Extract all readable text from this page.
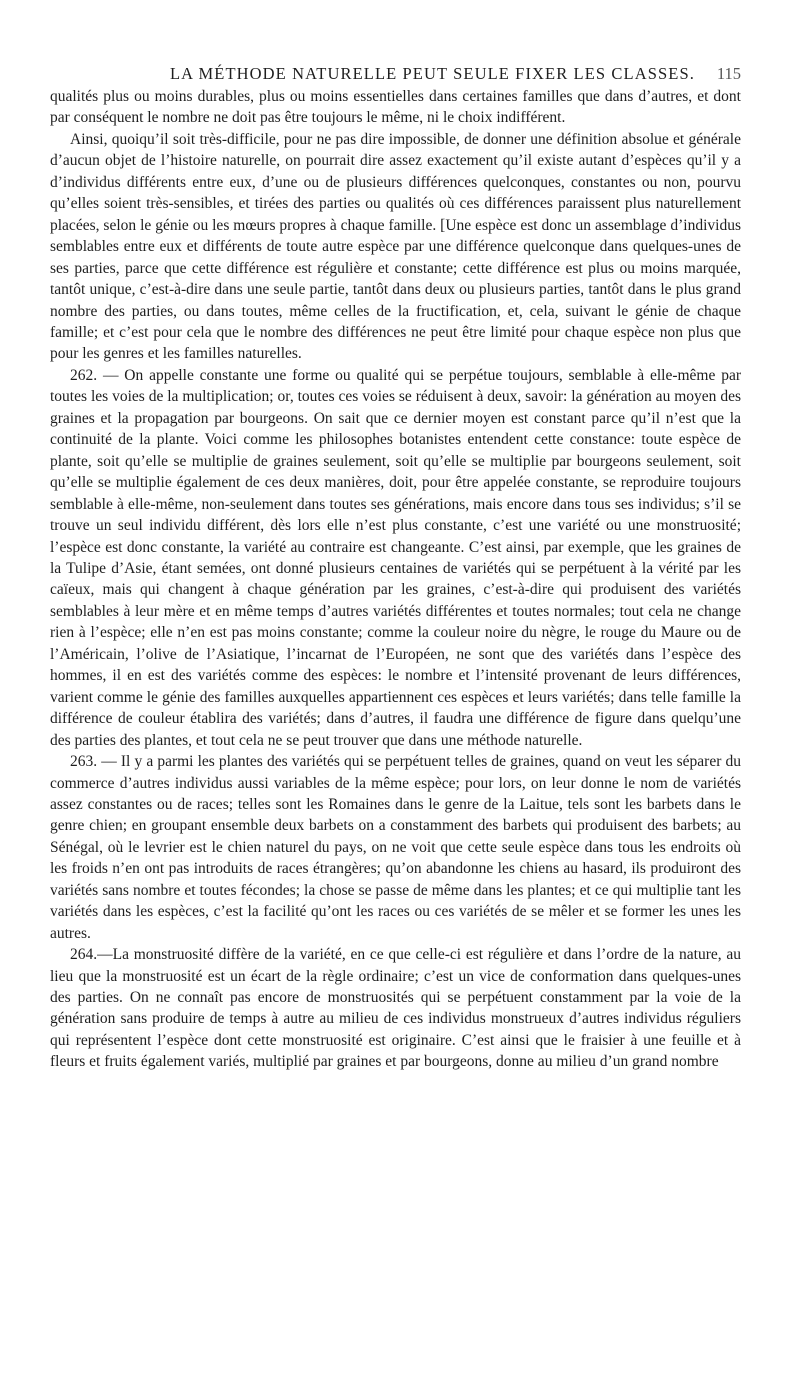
LA MÉTHODE NATURELLE PEUT SEULE FIXER LES CLASSES. 115

qualités plus ou moins durables, plus ou moins essentielles dans certaines familles que dans d’autres, et dont par conséquent le nombre ne doit pas être toujours le même, ni le choix indifférent.

Ainsi, quoiqu’il soit très-difficile, pour ne pas dire impossible, de donner une définition absolue et générale d’aucun objet de l’histoire naturelle, on pourrait dire assez exactement qu’il existe autant d’espèces qu’il y a d’individus différents entre eux, d’une ou de plusieurs différences quelconques, constantes ou non, pourvu qu’elles soient très-sensibles, et tirées des parties ou qualités où ces différences paraissent plus naturellement placées, selon le génie ou les mœurs propres à chaque famille. [Une espèce est donc un assemblage d’individus semblables entre eux et différents de toute autre espèce par une différence quelconque dans quelques-unes de ses parties, parce que cette différence est régulière et constante; cette différence est plus ou moins marquée, tantôt unique, c’est-à-dire dans une seule partie, tantôt dans deux ou plusieurs parties, tantôt dans le plus grand nombre des parties, ou dans toutes, même celles de la fructification, et, cela, suivant le génie de chaque famille; et c’est pour cela que le nombre des différences ne peut être limité pour chaque espèce non plus que pour les genres et les familles naturelles.

262. — On appelle constante une forme ou qualité qui se perpétue toujours, semblable à elle-même par toutes les voies de la multiplication; or, toutes ces voies se réduisent à deux, savoir: la génération au moyen des graines et la propagation par bourgeons. On sait que ce dernier moyen est constant parce qu’il n’est que la continuité de la plante. Voici comme les philosophes botanistes entendent cette constance: toute espèce de plante, soit qu’elle se multiplie de graines seulement, soit qu’elle se multiplie par bourgeons seulement, soit qu’elle se multiplie également de ces deux manières, doit, pour être appelée constante, se reproduire toujours semblable à elle-même, non-seulement dans toutes ses générations, mais encore dans tous ses individus; s’il se trouve un seul individu différent, dès lors elle n’est plus constante, c’est une variété ou une monstruosité; l’espèce est donc constante, la variété au contraire est changeante. C’est ainsi, par exemple, que les graines de la Tulipe d’Asie, étant semées, ont donné plusieurs centaines de variétés qui se perpétuent à la vérité par les caïeux, mais qui changent à chaque génération par les graines, c’est-à-dire qui produisent des variétés semblables à leur mère et en même temps d’autres variétés différentes et toutes normales; tout cela ne change rien à l’espèce; elle n’en est pas moins constante; comme la couleur noire du nègre, le rouge du Maure ou de l’Américain, l’olive de l’Asiatique, l’incarnat de l’Européen, ne sont que des variétés dans l’espèce des hommes, il en est des variétés comme des espèces: le nombre et l’intensité provenant de leurs différences, varient comme le génie des familles auxquelles appartiennent ces espèces et leurs variétés; dans telle famille la différence de couleur établira des variétés; dans d’autres, il faudra une différence de figure dans quelqu’une des parties des plantes, et tout cela ne se peut trouver que dans une méthode naturelle.

263. — Il y a parmi les plantes des variétés qui se perpétuent telles de graines, quand on veut les séparer du commerce d’autres individus aussi variables de la même espèce; pour lors, on leur donne le nom de variétés assez constantes ou de races; telles sont les Romaines dans le genre de la Laitue, tels sont les barbets dans le genre chien; en groupant ensemble deux barbets on a constamment des barbets qui produisent des barbets; au Sénégal, où le levrier est le chien naturel du pays, on ne voit que cette seule espèce dans tous les endroits où les froids n’en ont pas introduits de races étrangères; qu’on abandonne les chiens au hasard, ils produiront des variétés sans nombre et toutes fécondes; la chose se passe de même dans les plantes; et ce qui multiplie tant les variétés dans les espèces, c’est la facilité qu’ont les races ou ces variétés de se mêler et se former les unes les autres.

264.—La monstruosité diffère de la variété, en ce que celle-ci est régulière et dans l’ordre de la nature, au lieu que la monstruosité est un écart de la règle ordinaire; c’est un vice de conformation dans quelques-unes des parties. On ne connaît pas encore de monstruosités qui se perpétuent constamment par la voie de la génération sans produire de temps à autre au milieu de ces individus monstrueux d’autres individus réguliers qui représentent l’espèce dont cette monstruosité est originaire. C’est ainsi que le fraisier à une feuille et à fleurs et fruits également variés, multiplié par graines et par bourgeons, donne au milieu d’un grand nombre
